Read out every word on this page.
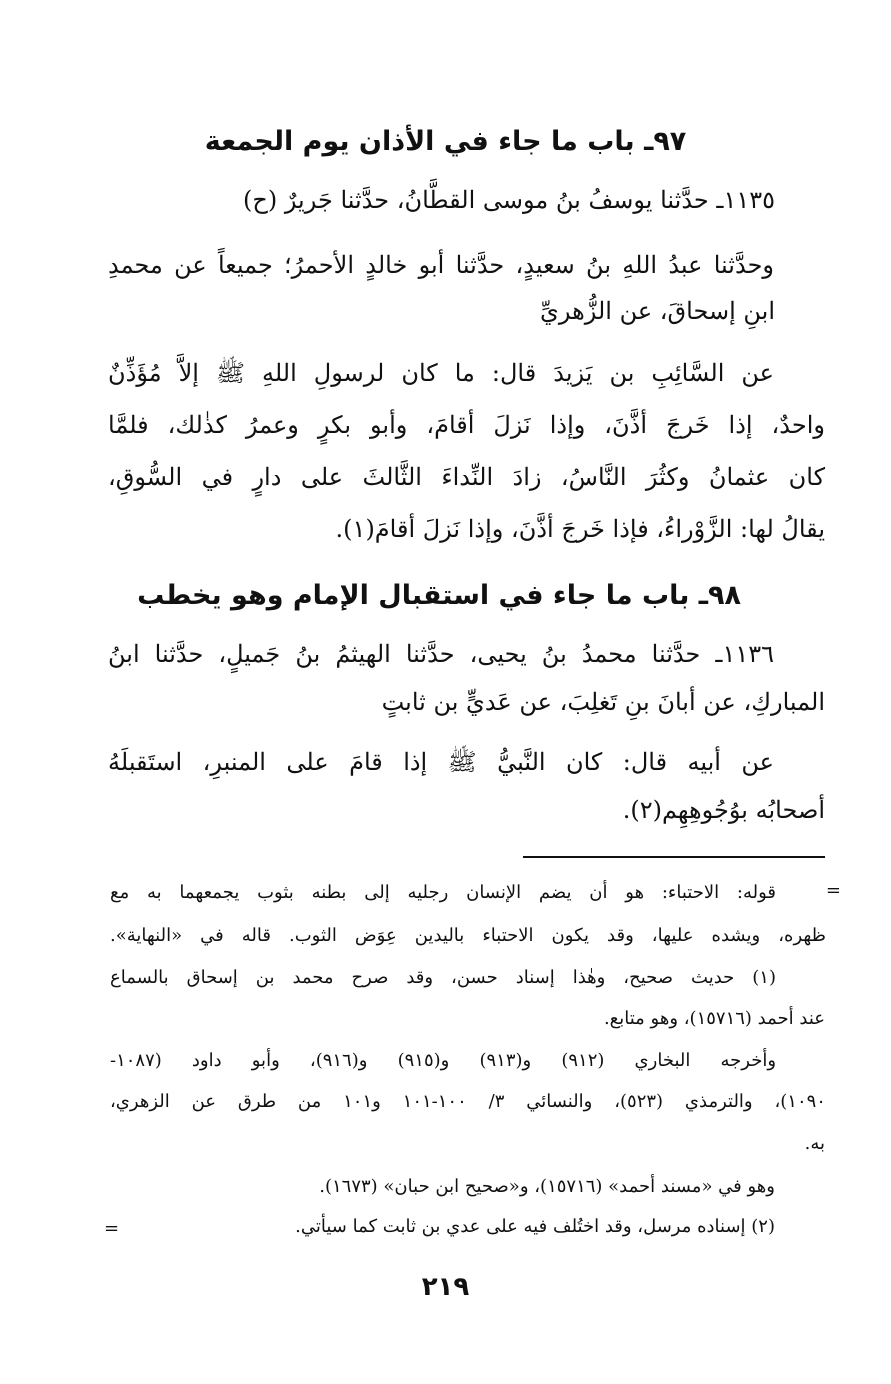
٩٧ـ باب ما جاء في الأذان يوم الجمعة
١١٣٥ـ حدَّثنا يوسفُ بنُ موسى القطَّانُ، حدَّثنا جَريرٌ (ح)
وحدَّثنا عبدُ اللهِ بنُ سعيدٍ، حدَّثنا أبو خالدٍ الأحمرُ؛ جميعاً عن محمدِ
ابنِ إسحاقَ، عن الزُّهريِّ
عن السَّائِبِ بن يَزيدَ قال: ما كان لرسولِ اللهِ ﷺ إلاَّ مُؤَذِّنٌ
واحدٌ، إذا خَرجَ أذَّنَ، وإذا نَزلَ أقامَ، وأبو بكرٍ وعمرُ كذٰلك، فلمَّا
كان عثمانُ وكثُرَ النَّاسُ، زادَ النِّداءَ الثَّالثَ على دارٍ في السُّوقِ،
يقالُ لها: الزَّوْراءُ، فإذا خَرجَ أذَّنَ، وإذا نَزلَ أقامَ(١).
٩٨ـ باب ما جاء في استقبال الإمام وهو يخطب
١١٣٦ـ حدَّثنا محمدُ بنُ يحيى، حدَّثنا الهيثمُ بنُ جَميلٍ، حدَّثنا ابنُ
المباركِ، عن أبانَ بنِ تَغلِبَ، عن عَديٍّ بن ثابتٍ
عن أبيه قال: كان النَّبيُّ ﷺ إذا قامَ على المنبرِ، استَقبلَهُ
أصحابُه بوُجُوهِهِم(٢).
=
قوله: الاحتباء: هو أن يضم الإنسان رجليه إلى بطنه بثوب يجمعهما به مع
ظهره، ويشده عليها، وقد يكون الاحتباء باليدين عِوَض الثوب. قاله في «النهاية».
(١) حديث صحيح، وهٰذا إسناد حسن، وقد صرح محمد بن إسحاق بالسماع
عند أحمد (١٥٧١٦)، وهو متابع.
وأخرجه البخاري (٩١٢) و(٩١٣) و(٩١٥) و(٩١٦)، وأبو داود (١٠٨٧-
١٠٩٠)، والترمذي (٥٢٣)، والنسائي ٣/ ١٠٠-١٠١ و١٠١ من طرق عن الزهري،
به.
وهو في «مسند أحمد» (١٥٧١٦)، و«صحيح ابن حبان» (١٦٧٣).
(٢) إسناده مرسل، وقد اختُلف فيه على عدي بن ثابت كما سيأتي.
=
٢١٩
